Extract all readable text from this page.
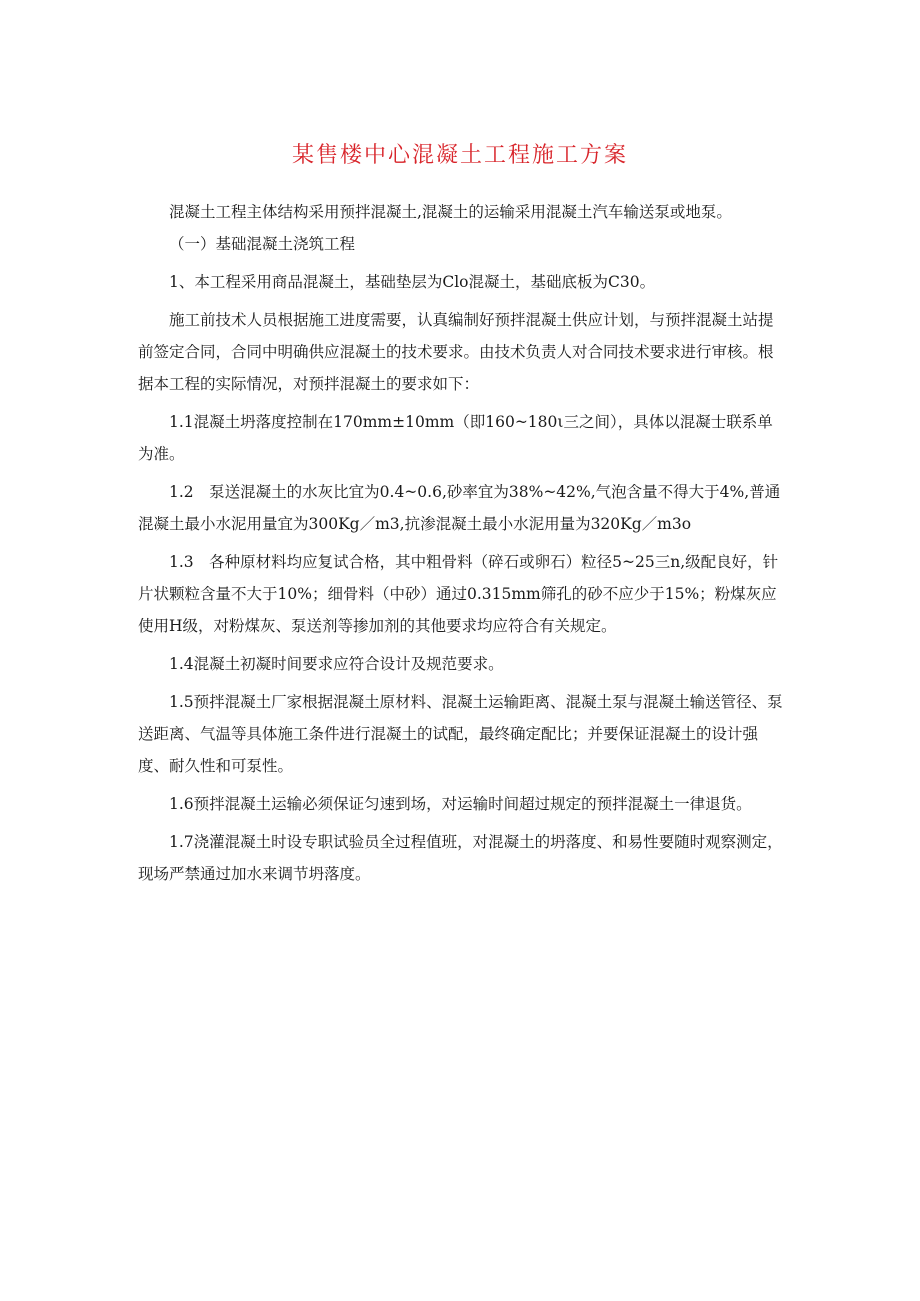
某售楼中心混凝土工程施工方案

混凝土工程主体结构采用预拌混凝土,混凝土的运输采用混凝土汽车输送泵或地泵。

（一）基础混凝土浇筑工程

1、本工程采用商品混凝土，基础垫层为Clo混凝土，基础底板为C30。

施工前技术人员根据施工进度需要，认真编制好预拌混凝土供应计划，与预拌混凝土站提前签定合同，合同中明确供应混凝土的技术要求。由技术负责人对合同技术要求进行审核。根据本工程的实际情况，对预拌混凝土的要求如下：

1.1混凝土坍落度控制在170mm±10mm（即160~180ι三之间），具体以混凝士联系单为准。

1.2　泵送混凝土的水灰比宜为0.4~0.6,砂率宜为38%~42%,气泡含量不得大于4%,普通混凝土最小水泥用量宜为300Kg／m3,抗渗混凝土最小水泥用量为320Kg／m3o

1.3　各种原材料均应复试合格，其中粗骨料（碎石或卵石）粒径5~25三n,级配良好，针片状颗粒含量不大于10%；细骨料（中砂）通过0.315mm筛孔的砂不应少于15%；粉煤灰应使用H级，对粉煤灰、泵送剂等掺加剂的其他要求均应符合有关规定。

1.4混凝土初凝时间要求应符合设计及规范要求。

1.5预拌混凝土厂家根据混凝土原材料、混凝土运输距离、混凝土泵与混凝土输送管径、泵送距离、气温等具体施工条件进行混凝土的试配，最终确定配比；并要保证混凝土的设计强度、耐久性和可泵性。

1.6预拌混凝土运输必须保证匀速到场，对运输时间超过规定的预拌混凝土一律退货。

1.7浇灌混凝土时设专职试验员全过程值班，对混凝土的坍落度、和易性要随时观察测定，现场严禁通过加水来调节坍落度。
